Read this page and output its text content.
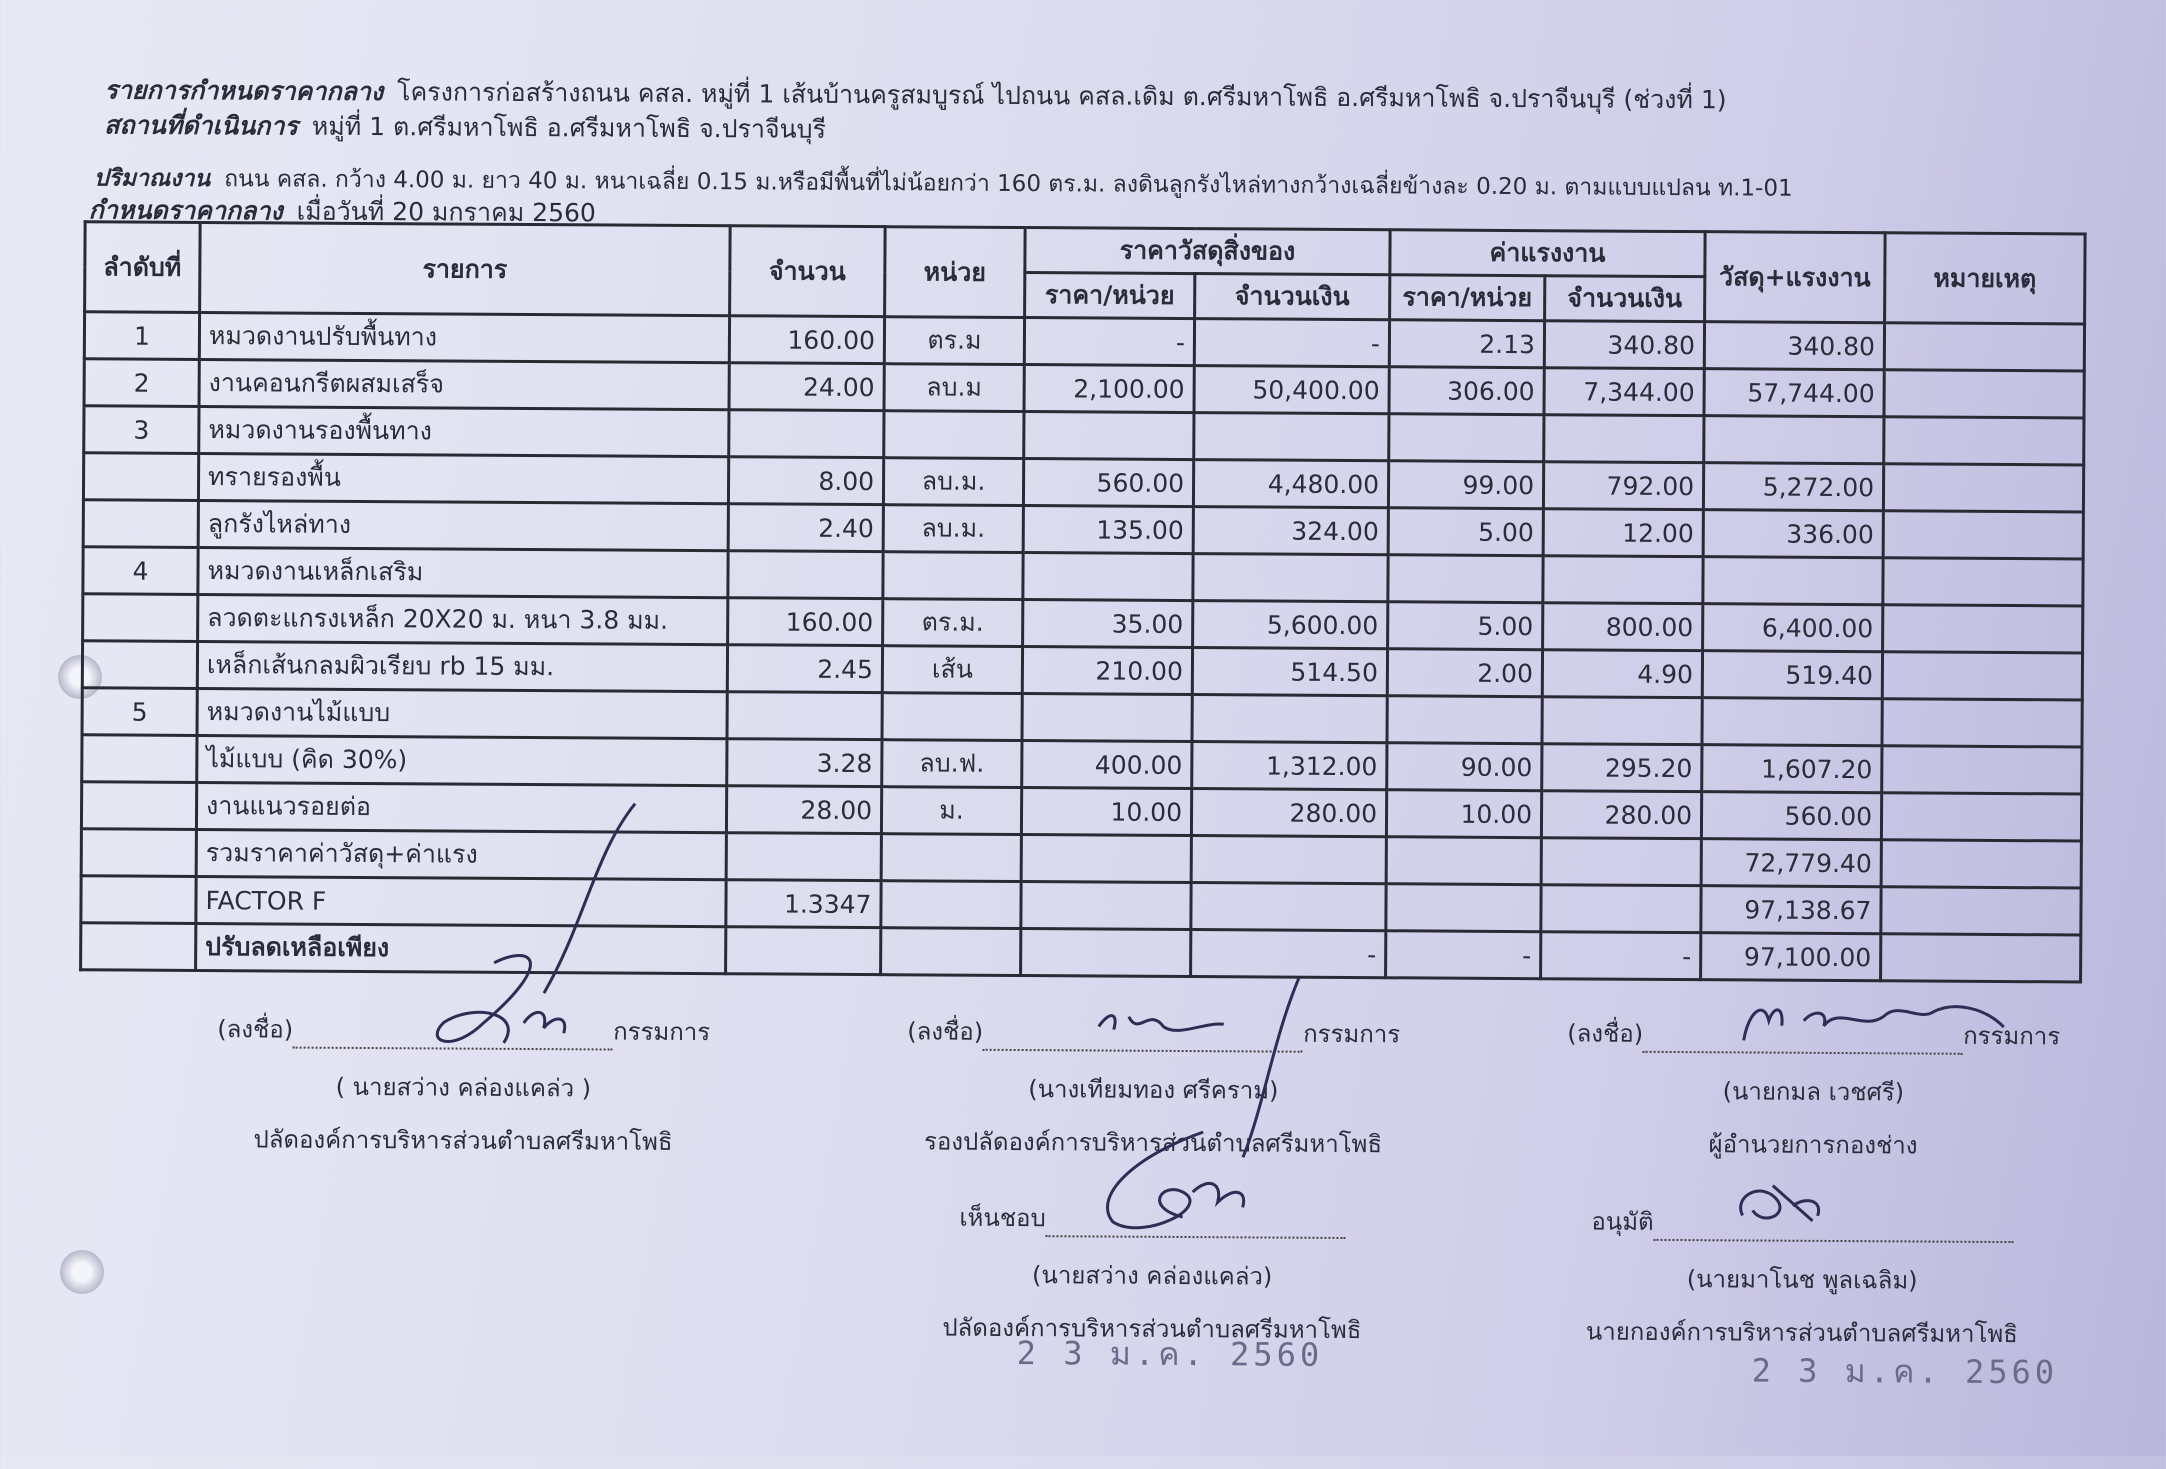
รายการกำหนดราคากลาง โครงการก่อสร้างถนน คสล. หมู่ที่ 1 เส้นบ้านครูสมบูรณ์ ไปถนน คสล.เดิม ต.ศรีมหาโพธิ อ.ศรีมหาโพธิ จ.ปราจีนบุรี (ช่วงที่ 1)
สถานที่ดำเนินการ หมู่ที่ 1 ต.ศรีมหาโพธิ อ.ศรีมหาโพธิ จ.ปราจีนบุรี
ปริมาณงาน ถนน คสล. กว้าง 4.00 ม. ยาว 40 ม. หนาเฉลี่ย 0.15 ม.หรือมีพื้นที่ไม่น้อยกว่า 160 ตร.ม. ลงดินลูกรังไหล่ทางกว้างเฉลี่ยข้างละ 0.20 ม. ตามแบบแปลน ท.1-01
กำหนดราคากลาง เมื่อวันที่ 20 มกราคม 2560
ลำดับที่	รายการ	จำนวน	หน่วย	ราคาวัสดุสิ่งของ		ค่าแรงงาน		วัสดุ+แรงงาน	หมายเหตุ
				ราคา/หน่วย	จำนวนเงิน	ราคา/หน่วย	จำนวนเงิน		
1	หมวดงานปรับพื้นทาง	160.00	ตร.ม	-	-	2.13	340.80	340.80	
2	งานคอนกรีตผสมเสร็จ	24.00	ลบ.ม	2,100.00	50,400.00	306.00	7,344.00	57,744.00	
3	หมวดงานรองพื้นทาง								
	ทรายรองพื้น	8.00	ลบ.ม.	560.00	4,480.00	99.00	792.00	5,272.00	
	ลูกรังไหล่ทาง	2.40	ลบ.ม.	135.00	324.00	5.00	12.00	336.00	
4	หมวดงานเหล็กเสริม								
	ลวดตะแกรงเหล็ก 20X20 ม. หนา 3.8 มม.	160.00	ตร.ม.	35.00	5,600.00	5.00	800.00	6,400.00	
	เหล็กเส้นกลมผิวเรียบ rb 15 มม.	2.45	เส้น	210.00	514.50	2.00	4.90	519.40	
5	หมวดงานไม้แบบ								
	ไม้แบบ (คิด 30%)	3.28	ลบ.ฟ.	400.00	1,312.00	90.00	295.20	1,607.20	
	งานแนวรอยต่อ	28.00	ม.	10.00	280.00	10.00	280.00	560.00	
	รวมราคาค่าวัสดุ+ค่าแรง							72,779.40	
	FACTOR F	1.3347						97,138.67	
	ปรับลดเหลือเพียง				-	-	-	97,100.00	
(ลงชื่อ)	กรรมการ
( นายสว่าง คล่องแคล่ว )
ปลัดองค์การบริหารส่วนตำบลศรีมหาโพธิ
(ลงชื่อ)	กรรมการ
(นางเทียมทอง ศรีคราม)
รองปลัดองค์การบริหารส่วนตำบลศรีมหาโพธิ
(ลงชื่อ)	กรรมการ
(นายกมล เวชศรี)
ผู้อำนวยการกองช่าง
เห็นชอบ
(นายสว่าง คล่องแคล่ว)
ปลัดองค์การบริหารส่วนตำบลศรีมหาโพธิ
อนุมัติ
(นายมาโนช พูลเฉลิม)
นายกองค์การบริหารส่วนตำบลศรีมหาโพธิ
2 3 ม.ค. 2560	2 3 ม.ค. 2560
